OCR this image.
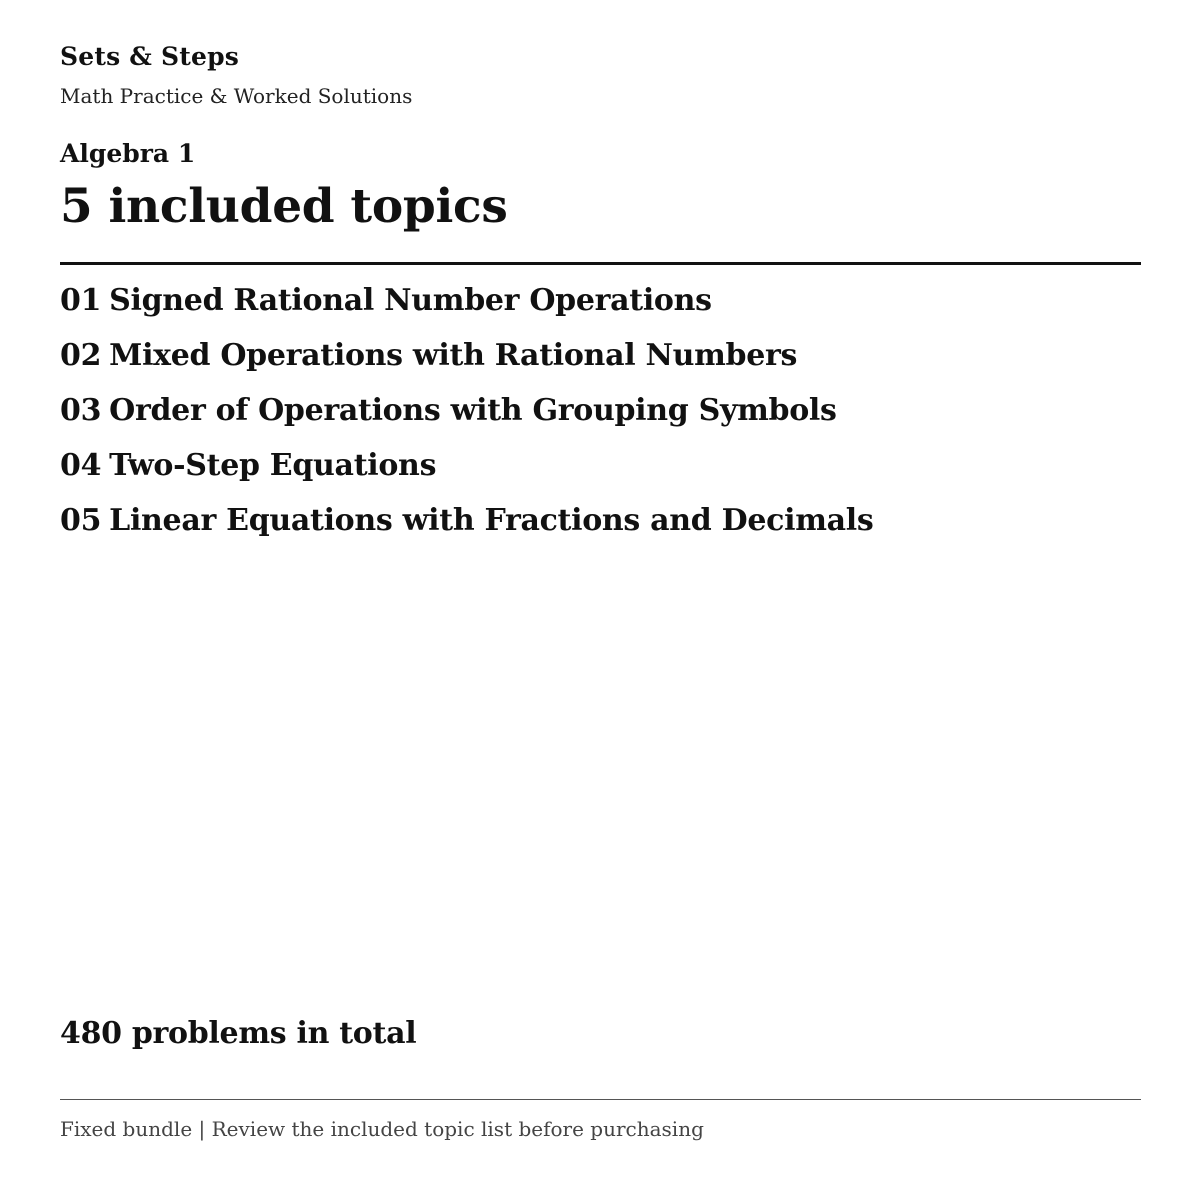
Sets & Steps
Math Practice & Worked Solutions
Algebra 1
5 included topics
01 Signed Rational Number Operations
02 Mixed Operations with Rational Numbers
03 Order of Operations with Grouping Symbols
04 Two-Step Equations
05 Linear Equations with Fractions and Decimals
480 problems in total
Fixed bundle | Review the included topic list before purchasing
